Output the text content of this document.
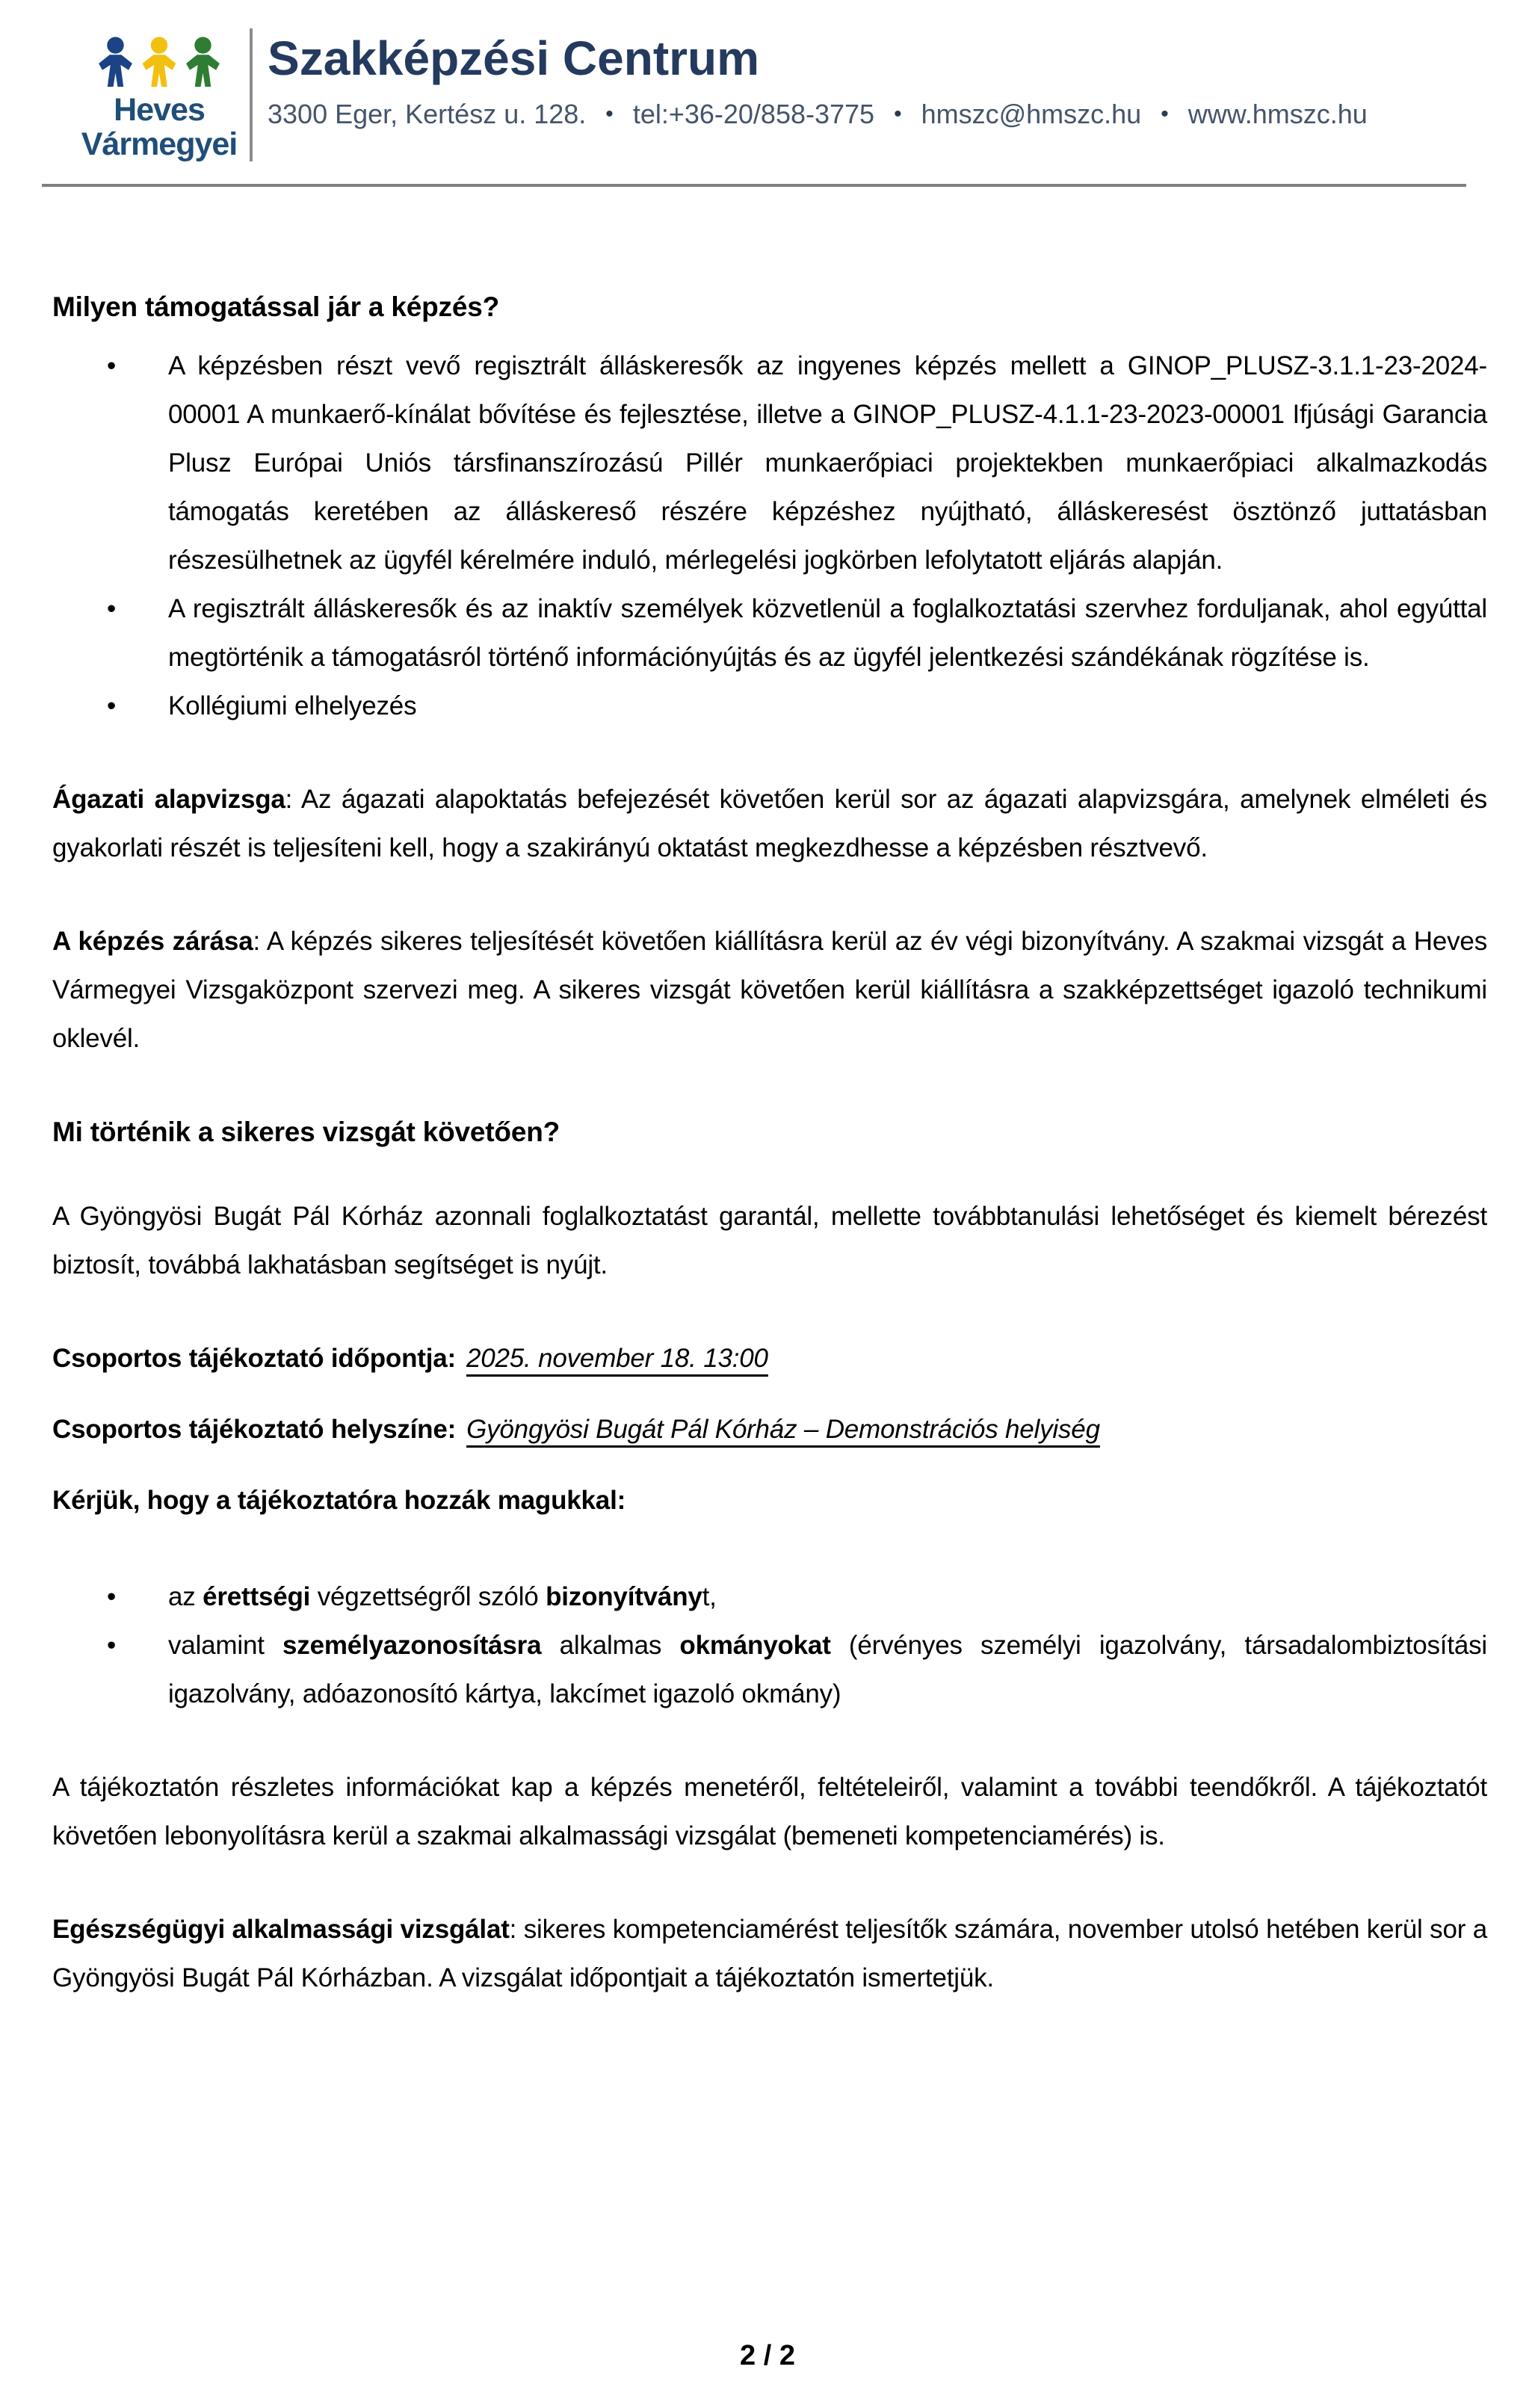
Heves
Vármegyei
Szakképzési Centrum
3300 Eger, Kertész u. 128. • tel:+36-20/858-3775 • hmszc@hmszc.hu • www.hmszc.hu
Milyen támogatással jár a képzés?
•	A képzésben részt vevő regisztrált álláskeresők az ingyenes képzés mellett a GINOP_PLUSZ-3.1.1-23-2024-00001 A munkaerő-kínálat bővítése és fejlesztése, illetve a GINOP_PLUSZ-4.1.1-23-2023-00001 Ifjúsági Garancia Plusz Európai Uniós társfinanszírozású Pillér munkaerőpiaci projektekben munkaerőpiaci alkalmazkodás támogatás keretében az álláskereső részére képzéshez nyújtható, álláskeresést ösztönző juttatásban részesülhetnek az ügyfél kérelmére induló, mérlegelési jogkörben lefolytatott eljárás alapján.
•	A regisztrált álláskeresők és az inaktív személyek közvetlenül a foglalkoztatási szervhez forduljanak, ahol egyúttal megtörténik a támogatásról történő információnyújtás és az ügyfél jelentkezési szándékának rögzítése is.
•	Kollégiumi elhelyezés

Ágazati alapvizsga: Az ágazati alapoktatás befejezését követően kerül sor az ágazati alapvizsgára, amelynek elméleti és gyakorlati részét is teljesíteni kell, hogy a szakirányú oktatást megkezdhesse a képzésben résztvevő.

A képzés zárása: A képzés sikeres teljesítését követően kiállításra kerül az év végi bizonyítvány. A szakmai vizsgát a Heves Vármegyei Vizsgaközpont szervezi meg. A sikeres vizsgát követően kerül kiállításra a szakképzettséget igazoló technikumi oklevél.

Mi történik a sikeres vizsgát követően?

A Gyöngyösi Bugát Pál Kórház azonnali foglalkoztatást garantál, mellette továbbtanulási lehetőséget és kiemelt bérezést biztosít, továbbá lakhatásban segítséget is nyújt.

Csoportos tájékoztató időpontja: 2025. november 18. 13:00

Csoportos tájékoztató helyszíne: Gyöngyösi Bugát Pál Kórház – Demonstrációs helyiség

Kérjük, hogy a tájékoztatóra hozzák magukkal:

•	az érettségi végzettségről szóló bizonyítványt,
•	valamint személyazonosításra alkalmas okmányokat (érvényes személyi igazolvány, társadalombiztosítási igazolvány, adóazonosító kártya, lakcímet igazoló okmány)

A tájékoztatón részletes információkat kap a képzés menetéről, feltételeiről, valamint a további teendőkről. A tájékoztatót követően lebonyolításra kerül a szakmai alkalmassági vizsgálat (bemeneti kompetenciamérés) is.

Egészségügyi alkalmassági vizsgálat: sikeres kompetenciamérést teljesítők számára, november utolsó hetében kerül sor a Gyöngyösi Bugát Pál Kórházban. A vizsgálat időpontjait a tájékoztatón ismertetjük.

2 / 2
